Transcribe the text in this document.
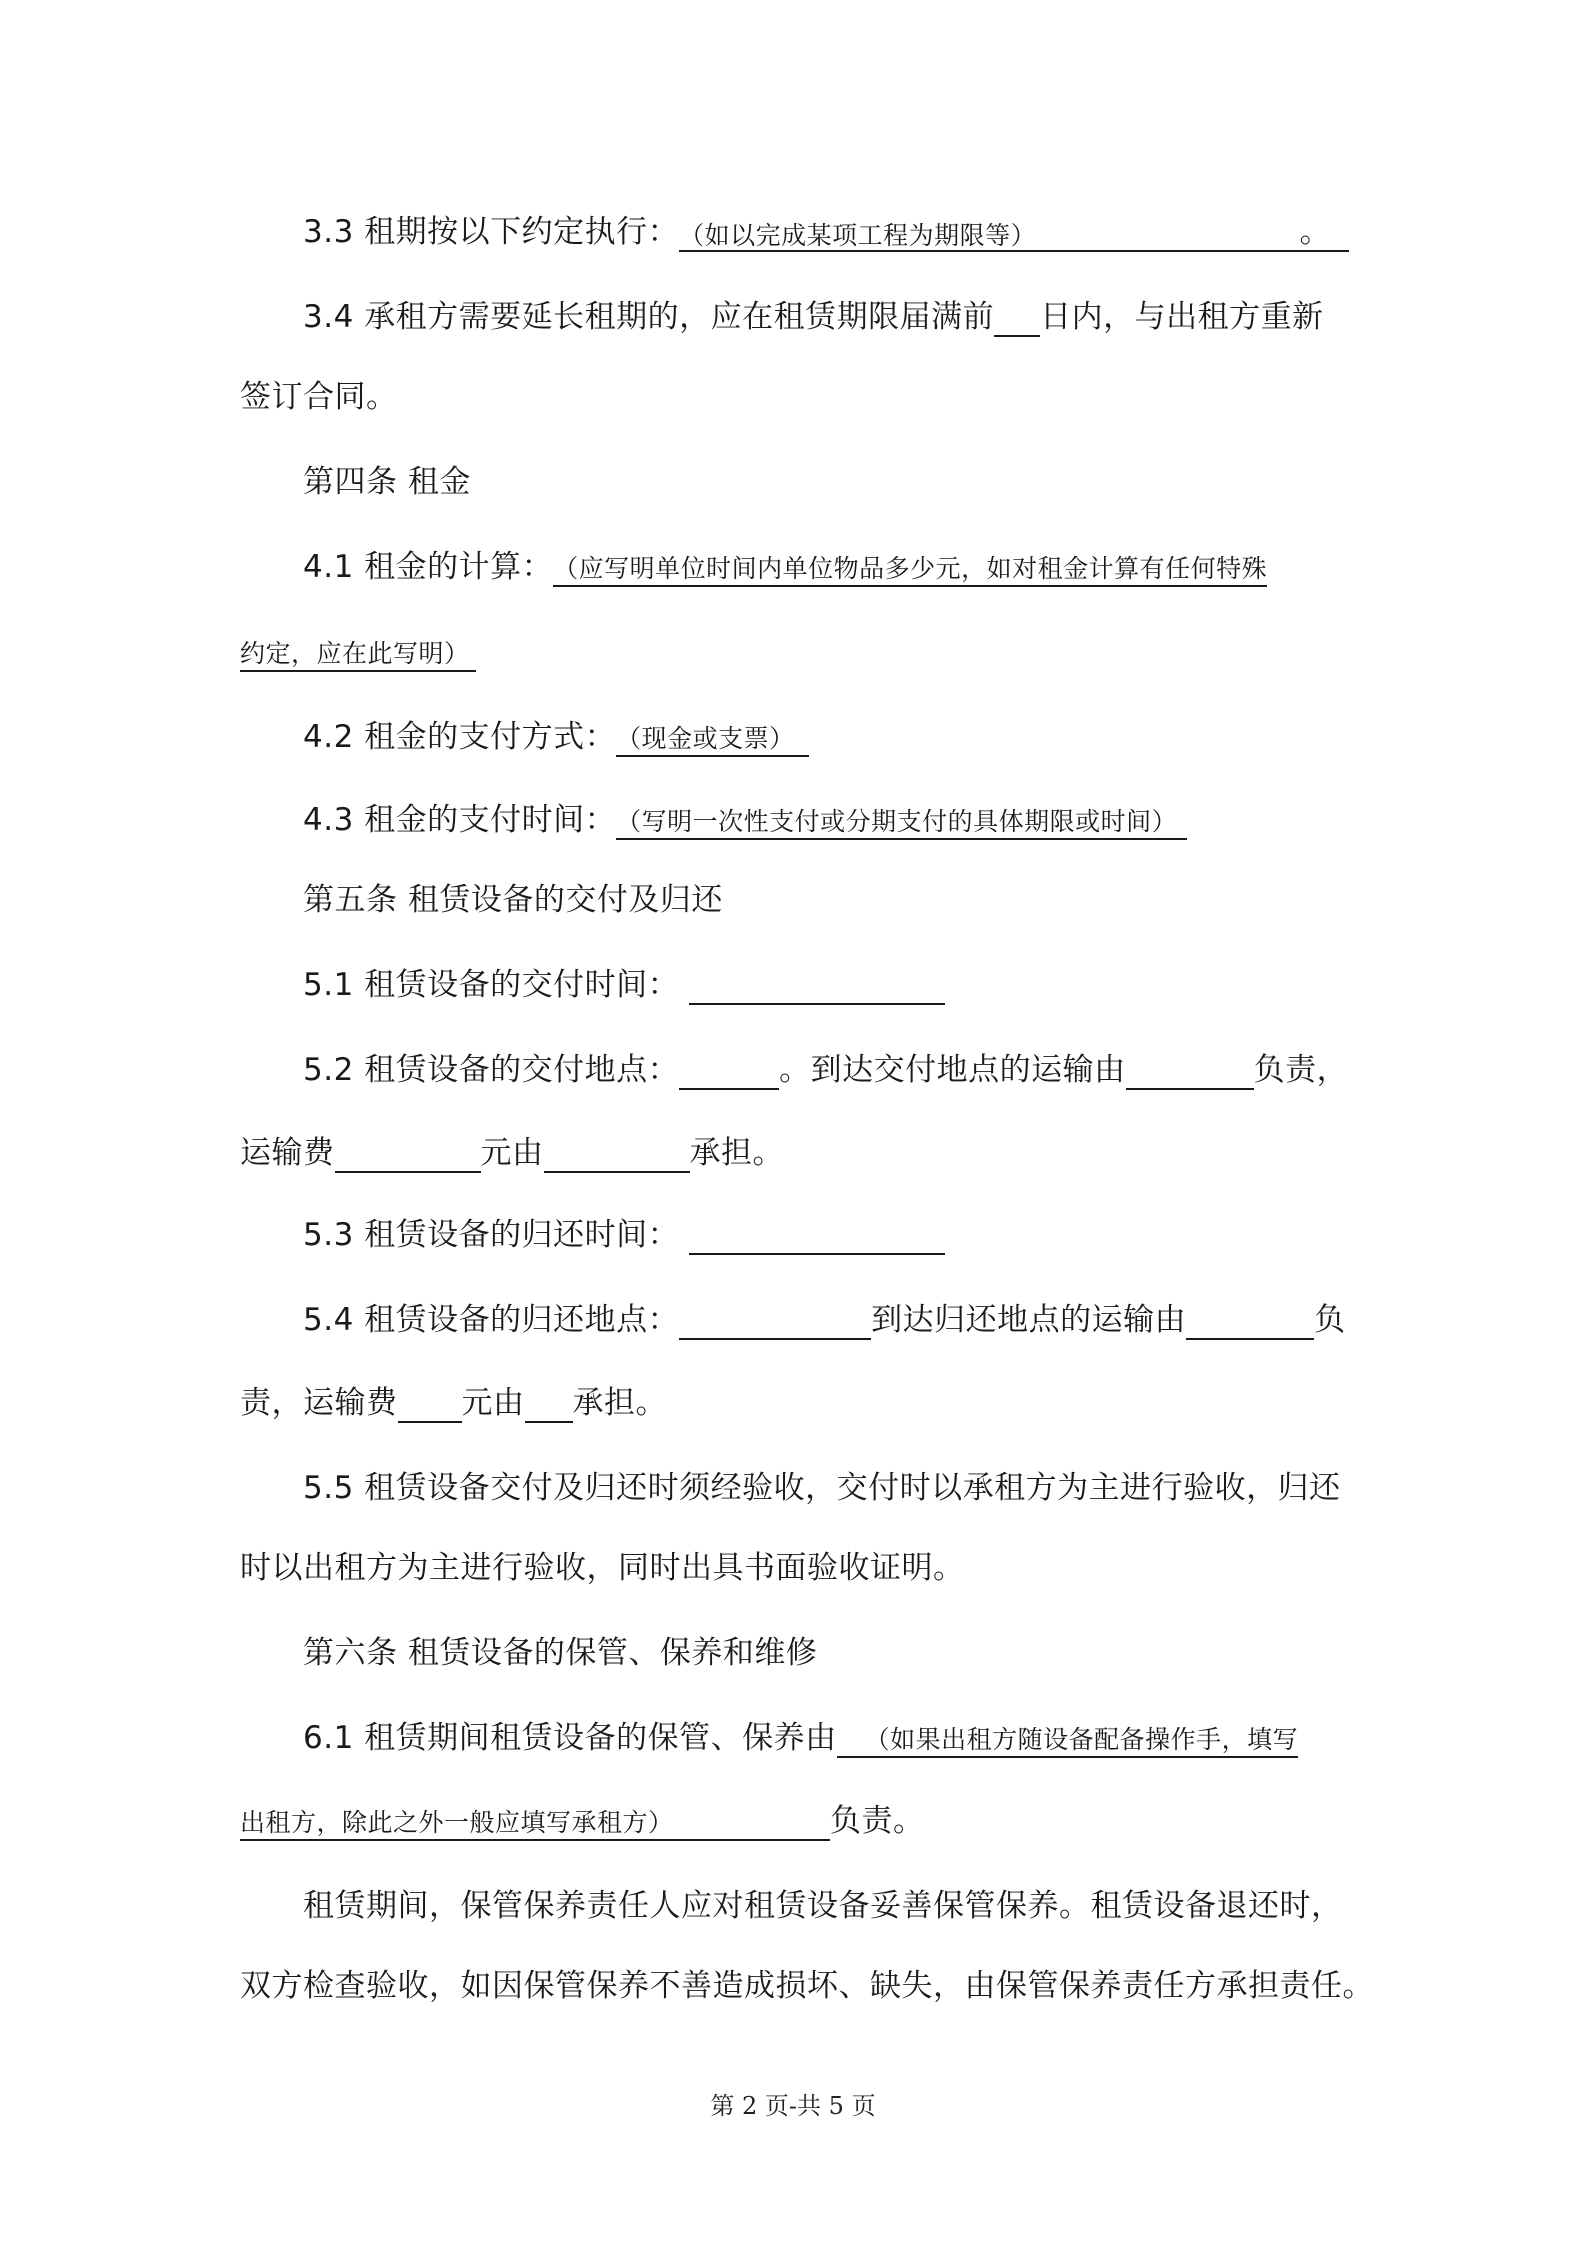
3.3 租期按以下约定执行： （如以完成某项工程为期限等）	。
3.4 承租方需要延长租期的，应在租赁期限届满前 日内，与出租方重新
签订合同。
第四条 租金
4.1 租金的计算：（应写明单位时间内单位物品多少元，如对租金计算有任何特殊
约定，应在此写明）
4.2 租金的支付方式：（现金或支票）
4.3 租金的支付时间：（写明一次性支付或分期支付的具体期限或时间）
第五条 租赁设备的交付及归还
5.1 租赁设备的交付时间：
5.2 租赁设备的交付地点：	。到达交付地点的运输由	负责，
运输费	元由	承担。
5.3 租赁设备的归还时间：
5.4 租赁设备的归还地点：	到达归还地点的运输由	负
责，运输费 元由 承担。
5.5 租赁设备交付及归还时须经验收，交付时以承租方为主进行验收，归还
时以出租方为主进行验收，同时出具书面验收证明。
第六条 租赁设备的保管、保养和维修
6.1 租赁期间租赁设备的保管、保养由 （如果出租方随设备配备操作手，填写
出租方，除此之外一般应填写承租方）	负责。
租赁期间，保管保养责任人应对租赁设备妥善保管保养。租赁设备退还时，
双方检查验收，如因保管保养不善造成损坏、缺失，由保管保养责任方承担责任。
第 2 页-共 5 页
